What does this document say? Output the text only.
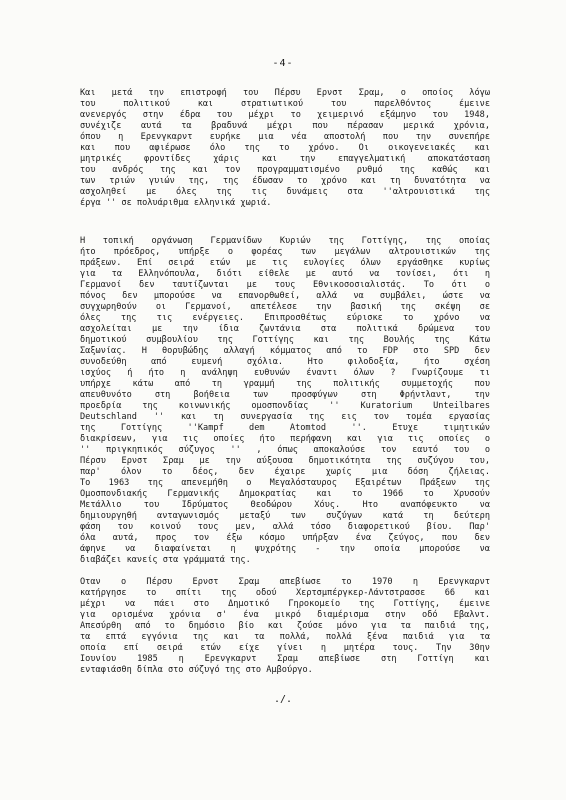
-4-
Και μετά την επιστροφή του Πέρσυ Ερνστ Σραμ, ο οποίος λόγω
του πολιτικού και στρατιωτικού του παρελθόντος έμεινε
ανενεργός στην έδρα του μέχρι το χειμερινό εξάμηνο του 1948,
συνέχιζε αυτά τα βραδυνά μέχρι που πέρασαν μερικά χρόνια,
όπου η Ερενγκαρντ ευρήκε μια νέα αποστολή που την συνεπήρε
και που αφιέρωσε όλο της το χρόνο. Οι οικογενειακές και
μητρικές φροντίδες χάρις και την επαγγελματική αποκατάσταση
του ανδρός της και τον προγραμματισμένο ρυθμό της καθώς και
των τριών γυιών της, της έδωσαν το χρόνο και τη δυνατότητα να
ασχοληθεί με όλες της τις δυνάμεις στα ''αλτρουιστικά της
έργα '' σε πολυάριθμα ελληνικά χωριά.
Η τοπική οργάνωση Γερμανίδων Κυριών της Γοττίγης, της οποίας
ήτο πρόεδρος, υπήρξε ο φορέας των μεγάλων αλτρουιστικών της
πράξεων. Επί σειρά ετών με τις ευλογίες όλων εργάσθηκε κυρίως
για τα Ελληνόπουλα, διότι είθελε με αυτό να τονίσει, ότι η
Γερμανοί δεν ταυτίζωνται με τους Εθνικοσοσιαλιστάς. Το ότι ο
πόνος δεν μπορούσε να επανορθωθεί, αλλά να συμβάλει, ώστε να
συγχωρηθούν οι Γερμανοί, απετέλεσε την βασική της σκέψη σε
όλες της τις ενέργειες. Επιπροσθέτως εύρισκε το χρόνο να
ασχολείται με την ίδια ζωντάνια στα πολιτικά δρώμενα του
δημοτικού συμβουλίου της Γοττίγης και της Βουλής της Κάτω
Σαξωνίας. Η θορυβώδης αλλαγή κόμματος από το FDP στο SPD δεν
συνοδεύθη από ευμενή σχόλια. Ητο φιλοδοξία, ήτο σχέση
ισχύος ή ήτο η ανάληψη ευθυνών έναντι όλων ? Γνωρίζουμε τι
υπήρχε κάτω από τη γραμμή της πολιτικής συμμετοχής που
απευθυνότο στη βοήθεια των προσφύγων στη Φρήντλαντ, την
προεδρία της κοινωνικής ομοσπονδίας '' Kuratorium Unteilbares
Deutschland '' και τη συνεργασία της εις τον τομέα εργασίας
της Γοττίγης ''Kampf dem Atomtod ''. Ετυχε τιμητικών
διακρίσεων, για τις οποίες ήτο περήφανη και για τις οποίες ο
'' πριγκηπικός σύζυγος '' , όπως αποκαλούσε τον εαυτό του ο
Πέρσυ Ερνστ Σραμ με την αύξουσα δημοτικότητα της συζύγου του,
παρ' όλον το δέος, δεν έχαιρε χωρίς μια δόση ζήλειας.
Το 1963 της απενεμήθη ο Μεγαλόσταυρος Εξαιρέτων Πράξεων της
Ομοσπονδιακής Γερμανικής Δημοκρατίας και το 1966 το Χρυσούν
Μετάλλιο του Ιδρύματος Θεοδώρου Χόυς. Ητο αναπόφευκτο να
δημιουργηθή ανταγωνισμός μεταξύ των συζύγων κατά τη δεύτερη
φάση του κοινού τους μεν, αλλά τόσο διαφορετικού βίου. Παρ'
όλα αυτά, προς τον έξω κόσμο υπήρξαν ένα ζεύγος, που δεν
άφηνε να διαφαίνεται η ψυχρότης - την οποία μπορούσε να
διαβάζει κανείς στα γράμματά της.
Οταν ο Πέρσυ Ερνστ Σραμ απεβίωσε το 1970 η Ερενγκαρντ
κατήργησε το σπίτι της οδού Χερτσμπέργκερ-Λάντστρασσε 66 και
μέχρι να πάει στο Δημοτικό Γηροκομείο της Γοττίγης, έμεινε
για ορισμένα χρόνια σ' ένα μικρό διαμέρισμα στην οδό Εβαλντ.
Απεσύρθη από το δημόσιο βίο και ζούσε μόνο για τα παιδιά της,
τα επτά εγγόνια της και τα πολλά, πολλά ξένα παιδιά για τα
οποία επί σειρά ετών είχε γίνει η μητέρα τους. Την 30ην
Ιουνίου 1985 η Ερενγκαρντ Σραμ απεβίωσε στη Γοττίγη και
ενταφιάσθη δίπλα στο σύζυγό της στο Αμβούργο.
./.
